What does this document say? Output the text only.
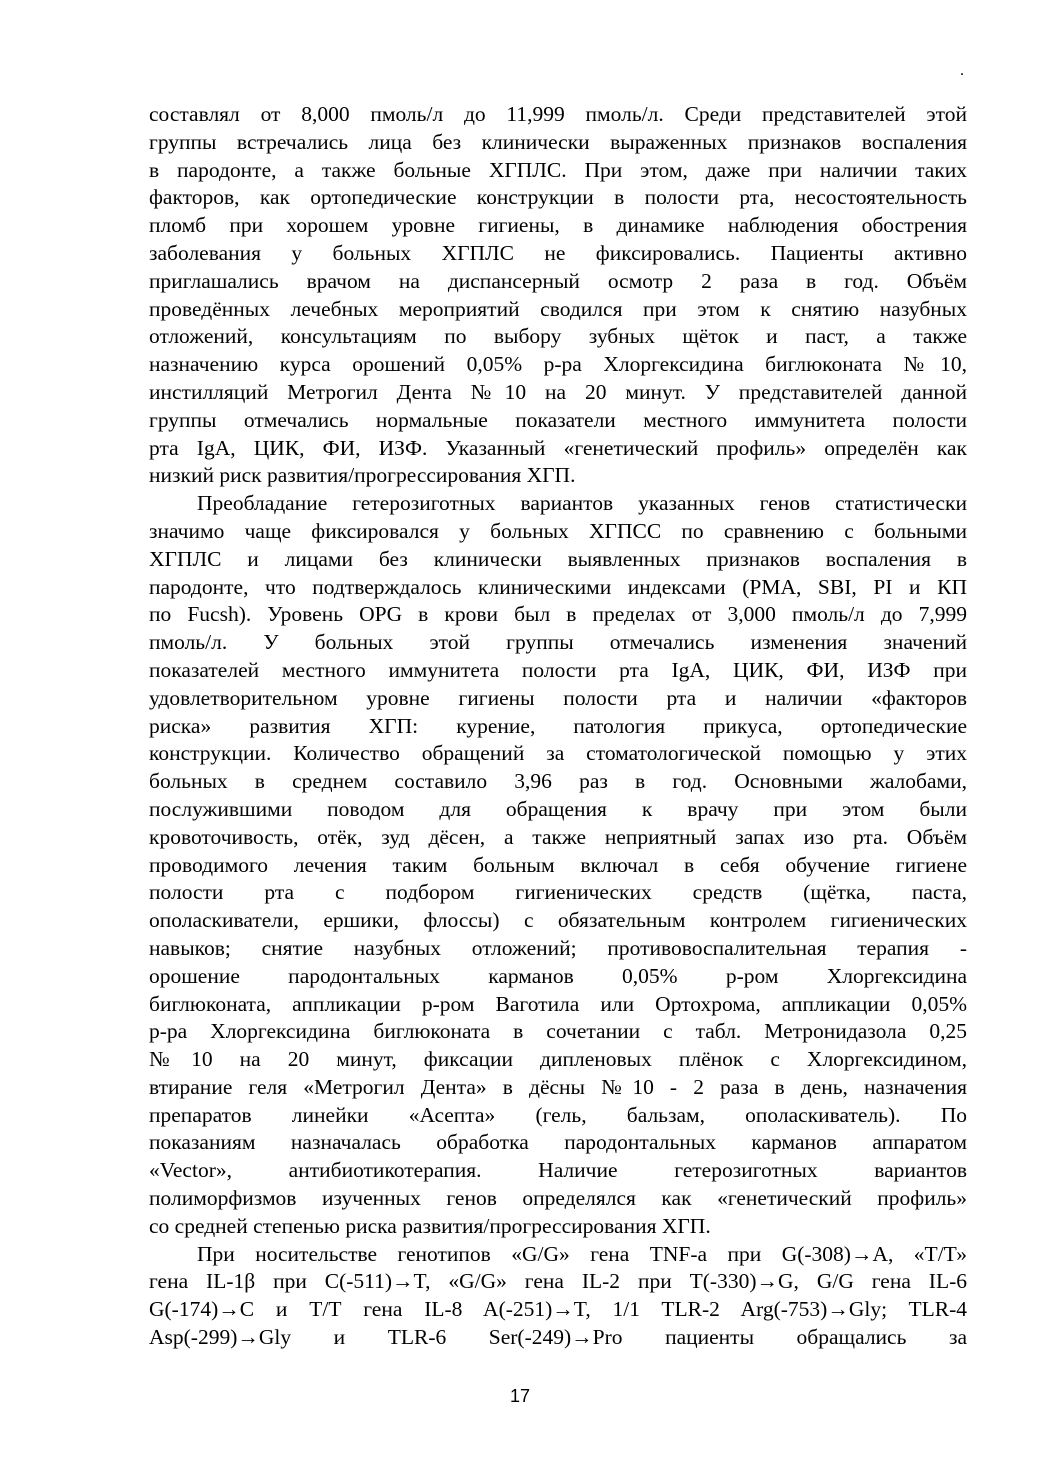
.

составлял от 8,000 пмоль/л до 11,999 пмоль/л. Среди представителей этой
группы встречались лица без клинически выраженных признаков воспаления
в пародонте, а также больные ХГПЛС. При этом, даже при наличии таких
факторов, как ортопедические конструкции в полости рта, несостоятельность
пломб при хорошем уровне гигиены, в динамике наблюдения обострения
заболевания у больных ХГПЛС не фиксировались. Пациенты активно
приглашались врачом на диспансерный осмотр 2 раза в год. Объём
проведённых лечебных мероприятий сводился при этом к снятию назубных
отложений, консультациям по выбору зубных щёток и паст, а также
назначению курса орошений 0,05% р-ра Хлоргексидина биглюконата №10,
инстилляций Метрогил Дента №10 на 20 минут. У представителей данной
группы отмечались нормальные показатели местного иммунитета полости
рта IgA, ЦИК, ФИ, ИЗФ. Указанный «генетический профиль» определён как
низкий риск развития/прогрессирования ХГП.

Преобладание гетерозиготных вариантов указанных генов статистически
значимо чаще фиксировался у больных ХГПСС по сравнению с больными
ХГПЛС и лицами без клинически выявленных признаков воспаления в
пародонте, что подтверждалось клиническими индексами (PMA, SBI, PI и КП
по Fucsh). Уровень OPG в крови был в пределах от 3,000 пмоль/л до 7,999
пмоль/л. У больных этой группы отмечались изменения значений
показателей местного иммунитета полости рта IgA, ЦИК, ФИ, ИЗФ при
удовлетворительном уровне гигиены полости рта и наличии «факторов
риска» развития ХГП: курение, патология прикуса, ортопедические
конструкции. Количество обращений за стоматологической помощью у этих
больных в среднем составило 3,96 раз в год. Основными жалобами,
послужившими поводом для обращения к врачу при этом были
кровоточивость, отёк, зуд дёсен, а также неприятный запах изо рта. Объём
проводимого лечения таким больным включал в себя обучение гигиене
полости рта с подбором гигиенических средств (щётка, паста,
ополаскиватели, ершики, флоссы) с обязательным контролем гигиенических
навыков; снятие назубных отложений; противовоспалительная терапия -
орошение пародонтальных карманов 0,05% р-ром Хлоргексидина
биглюконата, аппликации р-ром Ваготила или Ортохрома, аппликации 0,05%
р-ра Хлоргексидина биглюконата в сочетании с табл. Метронидазола 0,25
№10 на 20 минут, фиксации дипленовых плёнок с Хлоргексидином,
втирание геля «Метрогил Дента» в дёсны №10 - 2 раза в день, назначения
препаратов линейки «Асепта» (гель, бальзам, ополаскиватель). По
показаниям назначалась обработка пародонтальных карманов аппаратом
«Vector», антибиотикотерапия. Наличие гетерозиготных вариантов
полиморфизмов изученных генов определялся как «генетический профиль»
со средней степенью риска развития/прогрессирования ХГП.

При носительстве генотипов «G/G» гена TNF-a при G(-308)→A, «Т/Т»
гена IL-1β при C(-511)→T, «G/G» гена IL-2 при T(-330)→G, G/G гена IL-6
G(-174)→C и Т/Т гена IL-8 A(-251)→T, 1/1 TLR-2 Arg(-753)→Gly; TLR-4
Asp(-299)→Gly и TLR-6 Ser(-249)→Pro пациенты обращались за

17
